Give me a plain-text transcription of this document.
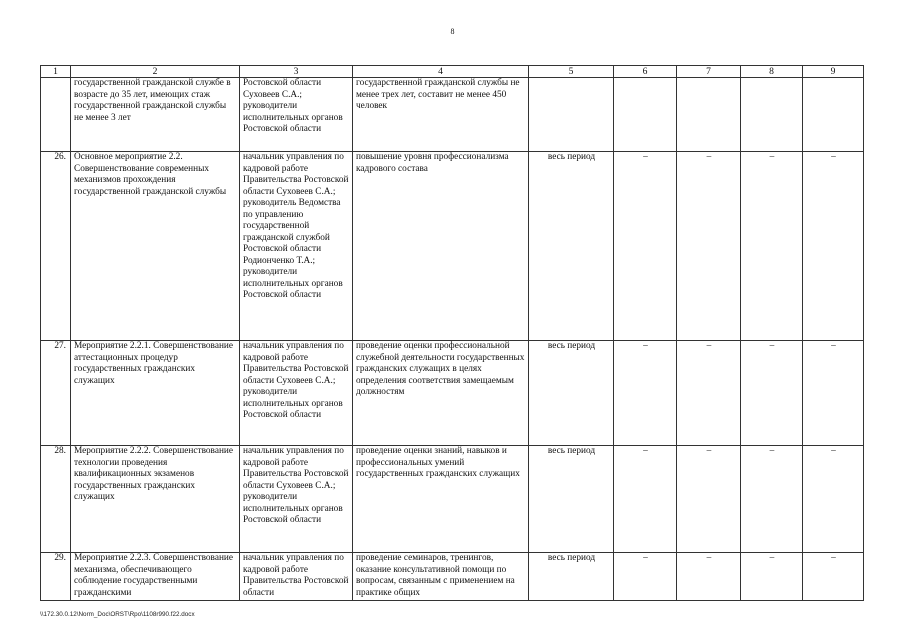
8
1	2	3	4	5	6	7	8	9
	государственной гражданской службе в возрасте до 35 лет, имеющих стаж государственной гражданской службы не менее 3 лет	Ростовской области Суховеев С.А.; руководители исполнительных органов Ростовской области	государственной гражданской службы не менее трех лет, составит не менее 450 человек					
26.	Основное мероприятие 2.2. Совершенствование современных механизмов прохождения государственной гражданской службы	начальник управления по кадровой работе Правительства Ростовской области Суховеев С.А.; руководитель Ведомства по управлению государственной гражданской службой Ростовской области Родионченко Т.А.; руководители исполнительных органов Ростовской области	повышение уровня профессионализма кадрового состава	весь период	–	–	–	–
27.	Мероприятие 2.2.1. Совершенствование аттестационных процедур государственных гражданских служащих	начальник управления по кадровой работе Правительства Ростовской области Суховеев С.А.; руководители исполнительных органов Ростовской области	проведение оценки профессиональной служебной деятельности государственных гражданских служащих в целях определения соответствия замещаемым должностям	весь период	–	–	–	–
28.	Мероприятие 2.2.2. Совершенствование технологии проведения квалификационных экзаменов государственных гражданских служащих	начальник управления по кадровой работе Правительства Ростовской области Суховеев С.А.; руководители исполнительных органов Ростовской области	проведение оценки знаний, навыков и профессиональных умений государственных гражданских служащих	весь период	–	–	–	–
29.	Мероприятие 2.2.3. Совершенствование механизма, обеспечивающего соблюдение государственными гражданскими	начальник управления по кадровой работе Правительства Ростовской области	проведение семинаров, тренингов, оказание консультативной помощи по вопросам, связанным с применением на практике общих	весь период	–	–	–	–
\\172.30.0.12\Norm_Doc\ORST\Rpo\1108r990.f22.docx
